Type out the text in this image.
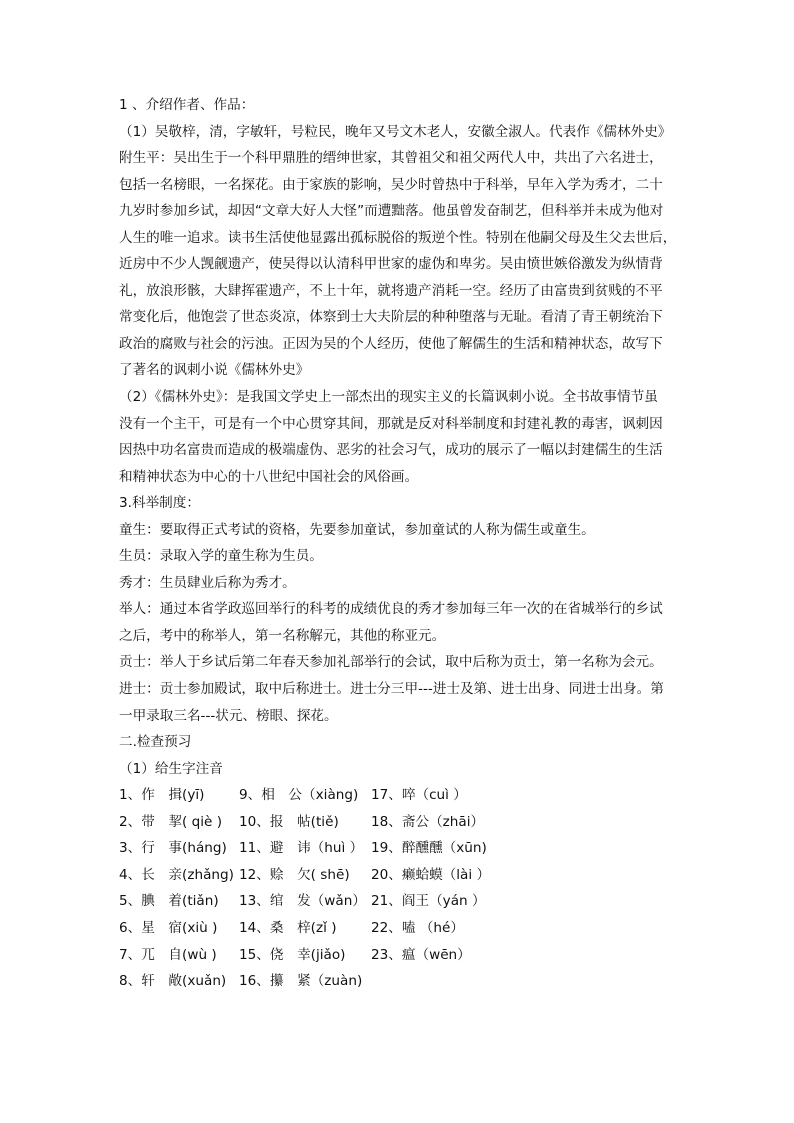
1 、介绍作者、作品：
（1）吴敬梓，清，字敏轩，号粒民，晚年又号文木老人，安徽全淑人。代表作《儒林外史》
附生平：吴出生于一个科甲鼎胜的缙绅世家，其曾祖父和祖父两代人中，共出了六名进士，
包括一名榜眼，一名探花。由于家族的影响，吴少时曾热中于科举，早年入学为秀才，二十
九岁时参加乡试，却因“文章大好人大怪”而遭黜落。他虽曾发奋制艺，但科举并未成为他对
人生的唯一追求。读书生活使他显露出孤标脱俗的叛逆个性。特别在他嗣父母及生父去世后，
近房中不少人觊觎遗产，使吴得以认清科甲世家的虚伪和卑劣。吴由愤世嫉俗激发为纵情背
礼，放浪形骸，大肆挥霍遗产，不上十年，就将遗产消耗一空。经历了由富贵到贫贱的不平
常变化后，他饱尝了世态炎凉，体察到士大夫阶层的种种堕落与无耻。看清了青王朝统治下
政治的腐败与社会的污浊。正因为吴的个人经历，使他了解儒生的生活和精神状态，故写下
了著名的讽刺小说《儒林外史》
（2）《儒林外史》：是我国文学史上一部杰出的现实主义的长篇讽刺小说。全书故事情节虽
没有一个主干，可是有一个中心贯穿其间，那就是反对科举制度和封建礼教的毒害，讽刺因
因热中功名富贵而造成的极端虚伪、恶劣的社会习气，成功的展示了一幅以封建儒生的生活
和精神状态为中心的十八世纪中国社会的风俗画。
3.科举制度：
童生：要取得正式考试的资格，先要参加童试，参加童试的人称为儒生或童生。
生员：录取入学的童生称为生员。
秀才：生员肆业后称为秀才。
举人：通过本省学政巡回举行的科考的成绩优良的秀才参加每三年一次的在省城举行的乡试
之后，考中的称举人，第一名称解元，其他的称亚元。
贡士：举人于乡试后第二年春天参加礼部举行的会试，取中后称为贡士，第一名称为会元。
进士：贡士参加殿试，取中后称进士。进士分三甲---进士及第、进士出身、同进士出身。第
一甲录取三名---状元、榜眼、探花。
二.检查预习
（1）给生字注音
1、作　揖(yī)	9、相　公（xiàng) 17、啐（cuì ）
2、带　挈( qiè ) 10、报　帖(tiě) 18、斋公（zhāi）
3、行　事(háng) 11、避　讳（huì ） 19、醉醺醺（xūn)
4、长　亲(zhǎng) 12、赊　欠( shē) 20、癞蛤蟆（lài ）
5、腆　着(tiǎn) 13、绾　发（wǎn） 21、阎王（yán ）
6、星　宿(xiù ) 14、桑　梓(zǐ )	22、嗑 （hé）
7、兀　自(wù ) 15、侥　幸(jiǎo) 23、瘟（wēn）
8、轩　敞(xuǎn) 16、攥　紧（zuàn)
